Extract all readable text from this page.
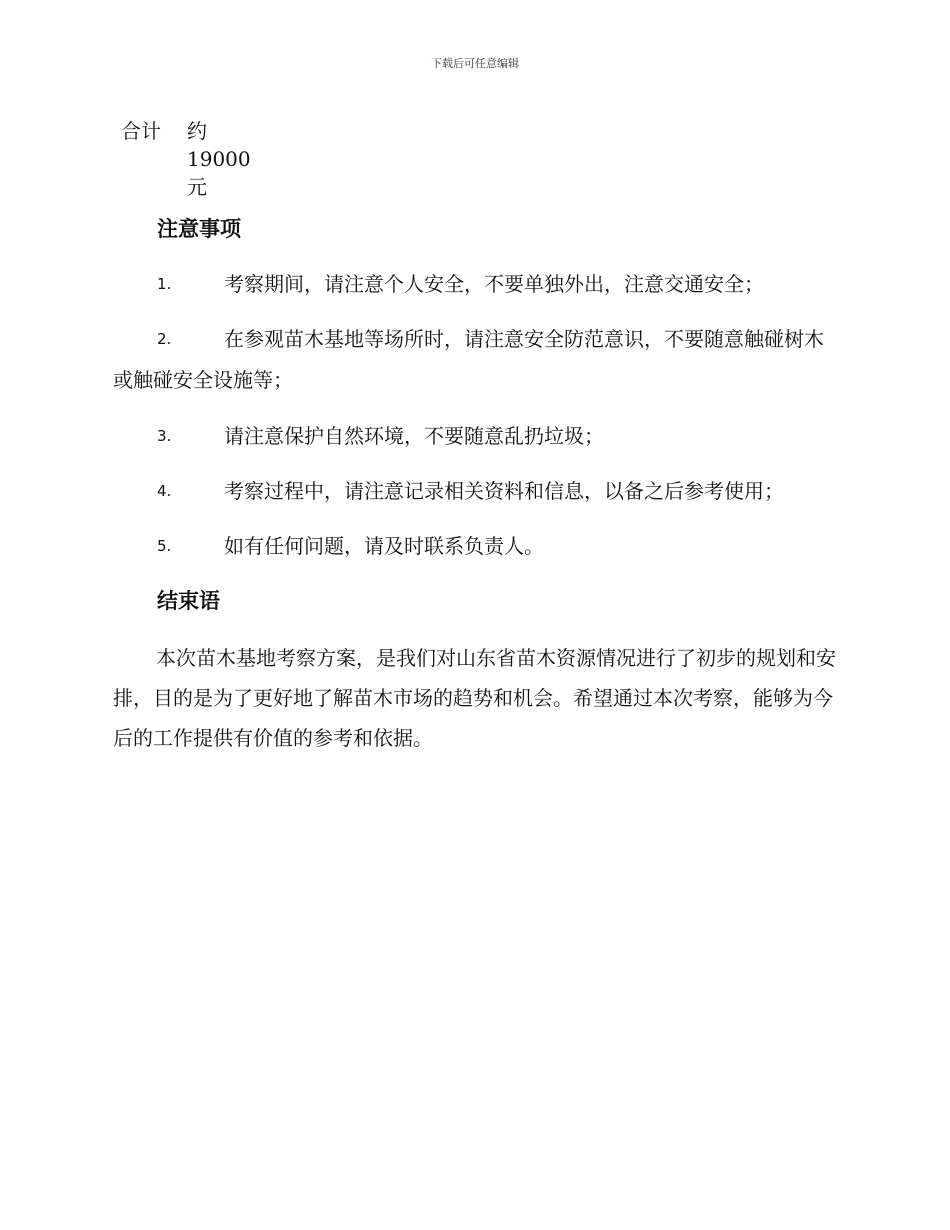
下载后可任意编辑
合计 约
19000
元
注意事项
1.	考察期间，请注意个人安全，不要单独外出，注意交通安全；
2.	在参观苗木基地等场所时，请注意安全防范意识，不要随意触碰树木或触碰安全设施等；
3.	请注意保护自然环境，不要随意乱扔垃圾；
4.	考察过程中，请注意记录相关资料和信息，以备之后参考使用；
5.	如有任何问题，请及时联系负责人。
结束语
本次苗木基地考察方案，是我们对山东省苗木资源情况进行了初步的规划和安排，目的是为了更好地了解苗木市场的趋势和机会。希望通过本次考察，能够为今后的工作提供有价值的参考和依据。
